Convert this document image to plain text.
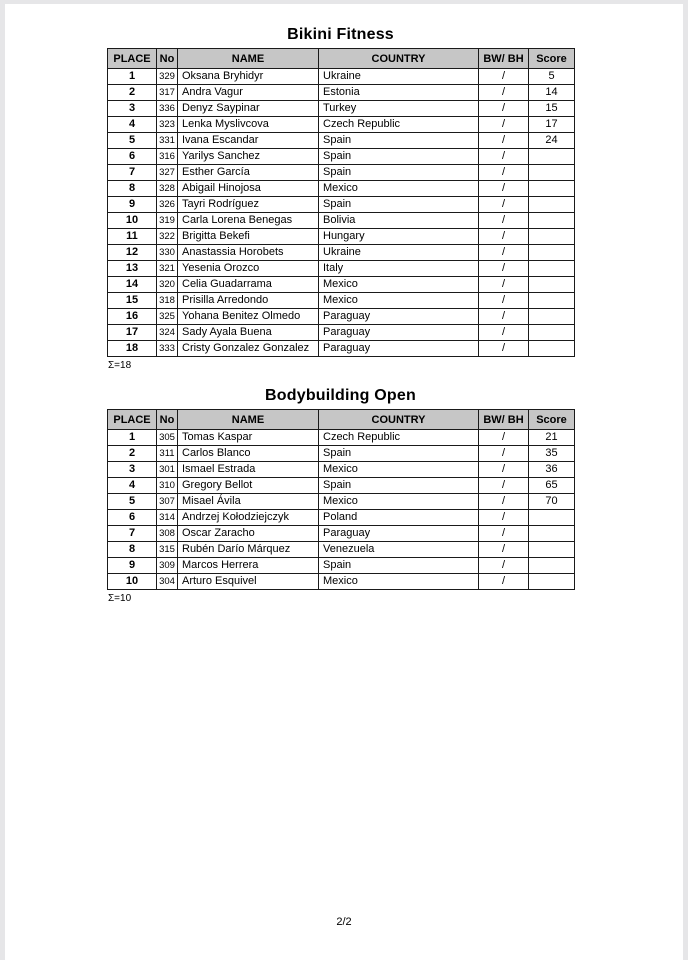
Bikini Fitness
PLACE	No	NAME	COUNTRY	BW/ BH	Score
1	329	Oksana Bryhidyr	Ukraine	/	5
2	317	Andra Vagur	Estonia	/	14
3	336	Denyz Saypinar	Turkey	/	15
4	323	Lenka Myslivcova	Czech Republic	/	17
5	331	Ivana Escandar	Spain	/	24
6	316	Yarilys Sanchez	Spain	/	
7	327	Esther García	Spain	/	
8	328	Abigail Hinojosa	Mexico	/	
9	326	Tayri Rodríguez	Spain	/	
10	319	Carla Lorena Benegas	Bolivia	/	
11	322	Brigitta Bekefi	Hungary	/	
12	330	Anastassia Horobets	Ukraine	/	
13	321	Yesenia Orozco	Italy	/	
14	320	Celia Guadarrama	Mexico	/	
15	318	Prisilla Arredondo	Mexico	/	
16	325	Yohana Benitez Olmedo	Paraguay	/	
17	324	Sady Ayala Buena	Paraguay	/	
18	333	Cristy Gonzalez Gonzalez	Paraguay	/	
Σ=18
Bodybuilding Open
PLACE	No	NAME	COUNTRY	BW/ BH	Score
1	305	Tomas Kaspar	Czech Republic	/	21
2	311	Carlos Blanco	Spain	/	35
3	301	Ismael Estrada	Mexico	/	36
4	310	Gregory Bellot	Spain	/	65
5	307	Misael Ávila	Mexico	/	70
6	314	Andrzej Kołodziejczyk	Poland	/	
7	308	Oscar Zaracho	Paraguay	/	
8	315	Rubén Darío Márquez	Venezuela	/	
9	309	Marcos Herrera	Spain	/	
10	304	Arturo Esquivel	Mexico	/	
Σ=10
2/2
